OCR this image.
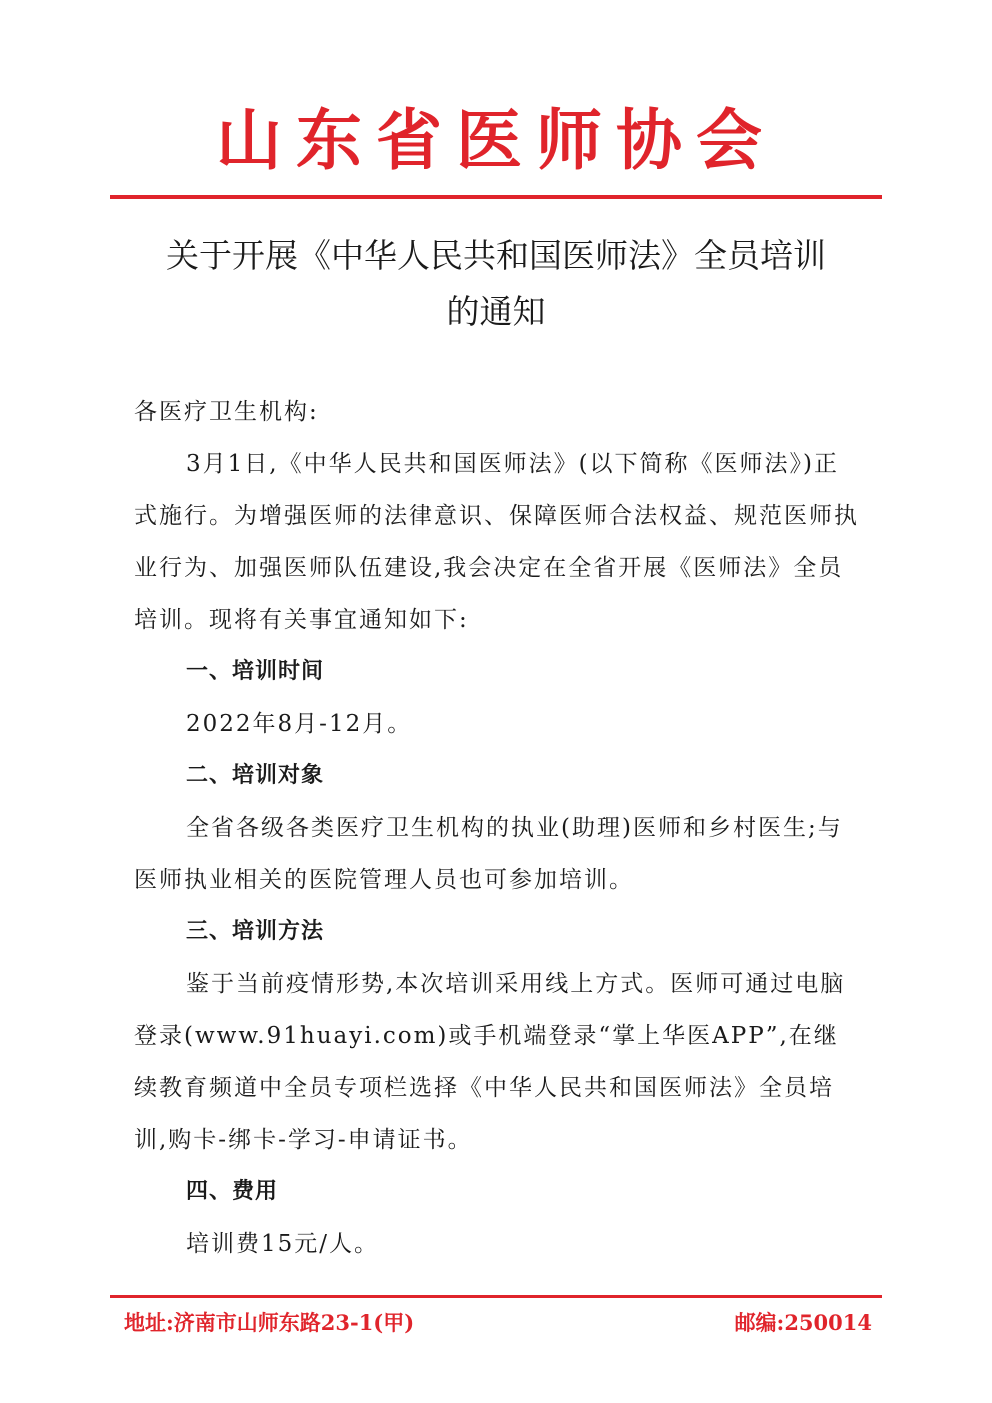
山东省医师协会
关于开展《中华人民共和国医师法》全员培训
的通知

各医疗卫生机构:

3月1日,《中华人民共和国医师法》(以下简称《医师法》)正式施行。为增强医师的法律意识、保障医师合法权益、规范医师执业行为、加强医师队伍建设,我会决定在全省开展《医师法》全员培训。现将有关事宜通知如下:

一、培训时间

2022年8月-12月。

二、培训对象

全省各级各类医疗卫生机构的执业(助理)医师和乡村医生;与医师执业相关的医院管理人员也可参加培训。

三、培训方法

鉴于当前疫情形势,本次培训采用线上方式。医师可通过电脑登录(www.91huayi.com)或手机端登录“掌上华医APP”,在继续教育频道中全员专项栏选择《中华人民共和国医师法》全员培训,购卡-绑卡-学习-申请证书。

四、费用

培训费15元/人。

地址:济南市山师东路23-1(甲)	邮编:250014
